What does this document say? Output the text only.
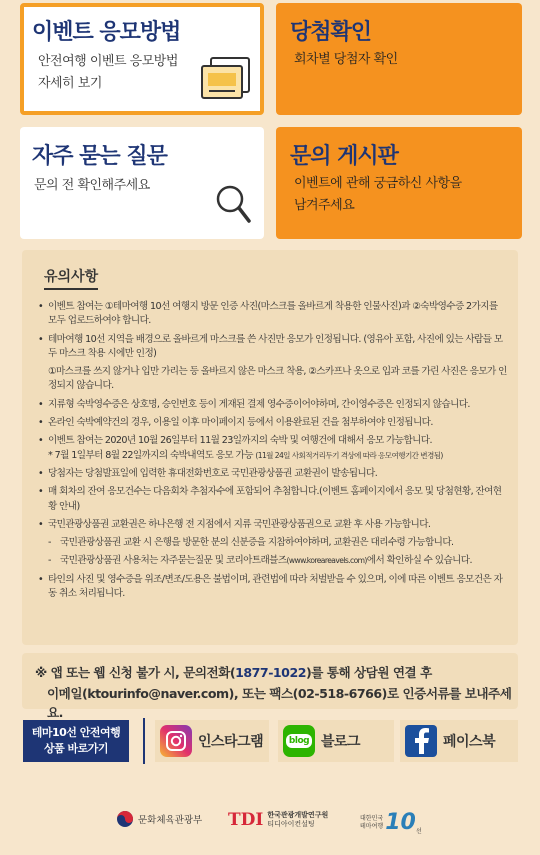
이벤트 응모방법
안전여행 이벤트 응모방법
자세히 보기
당첨확인
회차별 당첨자 확인
자주 묻는 질문
문의 전 확인해주세요
문의 게시판
이벤트에 관해 궁금하신 사항을
남겨주세요
유의사항
• 이벤트 참여는 ①테마여행 10선 여행지 방문 인증 사진(마스크를 올바르게 착용한 인물사진)과 ②숙박영수증 2가지를 모두 업로드하여야 합니다.
• 테마여행 10선 지역을 배경으로 올바르게 마스크를 쓴 사진만 응모가 인정됩니다. (영유아 포함, 사진에 있는 사람들 모두 마스크 착용 시에만 인정)
①마스크를 쓰지 않거나 입만 가리는 등 올바르지 않은 마스크 착용, ②스카프나 옷으로 입과 코를 가린 사진은 응모가 인정되지 않습니다.
• 지류형 숙박영수증은 상호명, 승인번호 등이 게재된 결제 영수증이어야하며, 간이영수증은 인정되지 않습니다.
• 온라인 숙박예약건의 경우, 이용일 이후 마이페이지 등에서 이용완료된 건을 첨부하여야 인정됩니다.
• 이벤트 참여는 2020년 10월 26일부터 11월 23일까지의 숙박 및 여행건에 대해서 응모 가능합니다.
* 7월 1일부터 8월 22일까지의 숙박내역도 응모 가능 (11월 24일 사회적거리두기 격상에 따라 응모여행기간 변경됨)
• 당첨자는 당첨발표일에 입력한 휴대전화번호로 국민관광상품권 교환권이 발송됩니다.
• 매 회차의 잔여 응모건수는 다음회차 추첨자수에 포함되어 추첨합니다.(이벤트 홈페이지에서 응모 및 당첨현황, 잔여현황 안내)
• 국민관광상품권 교환권은 하나은행 전 지점에서 지류 국민관광상품권으로 교환 후 사용 가능합니다.
- 국민관광상품권 교환 시 은행을 방문한 분의 신분증을 지참하여야하며, 교환권은 대리수령 가능합니다.
- 국민관광상품권 사용처는 자주묻는질문 및 코리아트래블즈(www.koreareavels.com)에서 확인하실 수 있습니다.
• 타인의 사진 및 영수증을 위조/변조/도용은 불법이며, 관련법에 따라 처벌받을 수 있으며, 이에 따른 이벤트 응모건은 자동 취소 처리됩니다.
※ 앱 또는 웹 신청 불가 시, 문의전화(1877-1022)를 통해 상담원 연결 후
이메일(ktourinfo@naver.com), 또는 팩스(02-518-6766)로 인증서류를 보내주세요.
테마10선 안전여행
상품 바로가기	인스타그램	blog 블로그	페이스북
문화체육관광부 TDI 한국관광개발연구원
티디아이컨설팅
대한민국
테마여행 10 선
